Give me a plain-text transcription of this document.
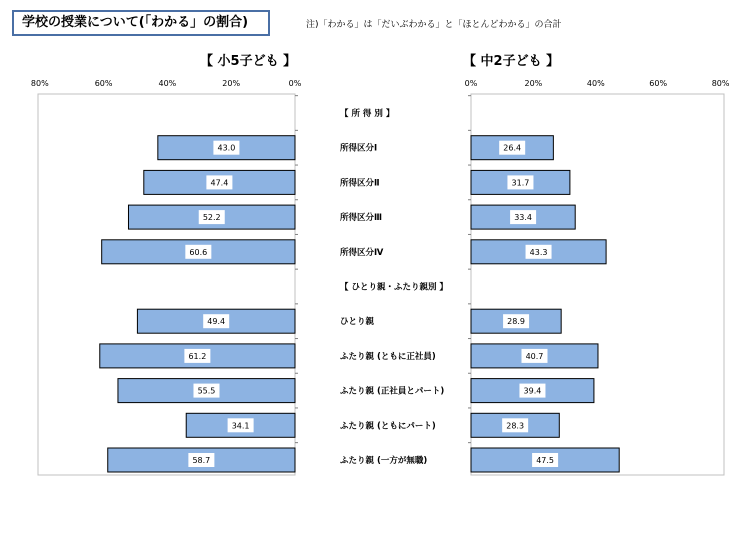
学校の授業について(「わかる」の割合)	注)「わかる」は「だいぶわかる」と「ほとんどわかる」の合計
【 小5子ども 】	【 中2子ども 】
0%
20%
40%
60%
80%
43.0
47.4
52.2
60.6
49.4
61.2
55.5
34.1
58.7
0%	20%	40%	60%	80%
26.4
31.7
33.4
43.3
28.9
40.7
39.4
28.3
47.5
【 所 得 別 】
所得区分Ⅰ
所得区分Ⅱ
所得区分Ⅲ
所得区分Ⅳ
【 ひとり親・ふたり親別 】
ひとり親
ふたり親 (ともに正社員)
ふたり親 (正社員とパート)
ふたり親 (ともにパート)
ふたり親 (一方が無職)
